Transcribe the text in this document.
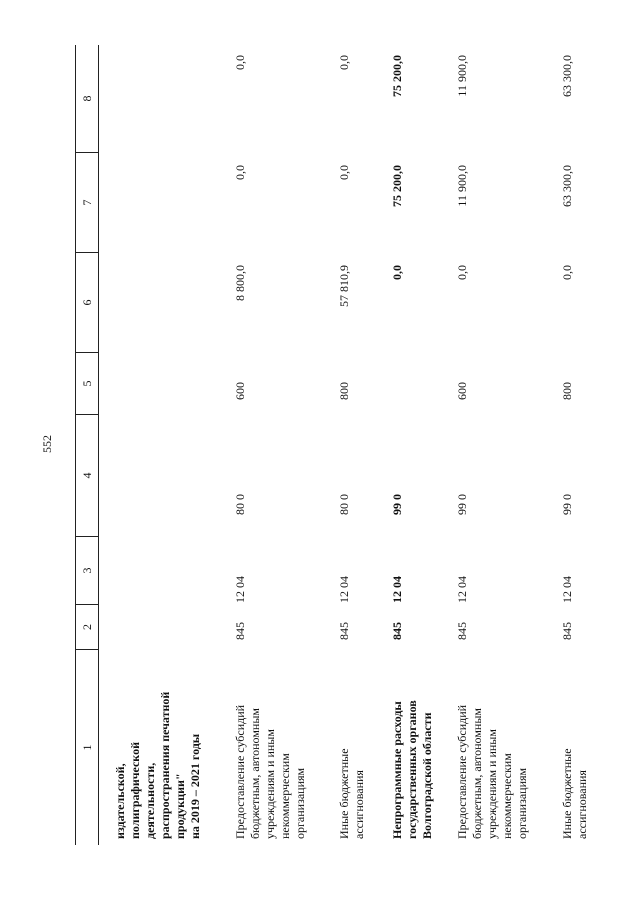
552
1
2
3
4
5
6
7
8
издательской,
полиграфической
деятельности,
распространения печатной
продукции"
на 2019 – 2021 годы
Предоставление субсидий
бюджетным, автономным
учреждениям и иным
некоммерческим
организациям
845
12 04
80 0
600
8 800,0
0,0
0,0
Иные бюджетные
ассигнования
845
12 04
80 0
800
57 810,9
0,0
0,0
Непрограммные расходы
государственных органов
Волгоградской области
845
12 04
99 0
0,0
75 200,0
75 200,0
Предоставление субсидий
бюджетным, автономным
учреждениям и иным
некоммерческим
организациям
845
12 04
99 0
600
0,0
11 900,0
11 900,0
Иные бюджетные
ассигнования
845
12 04
99 0
800
0,0
63 300,0
63 300,0
